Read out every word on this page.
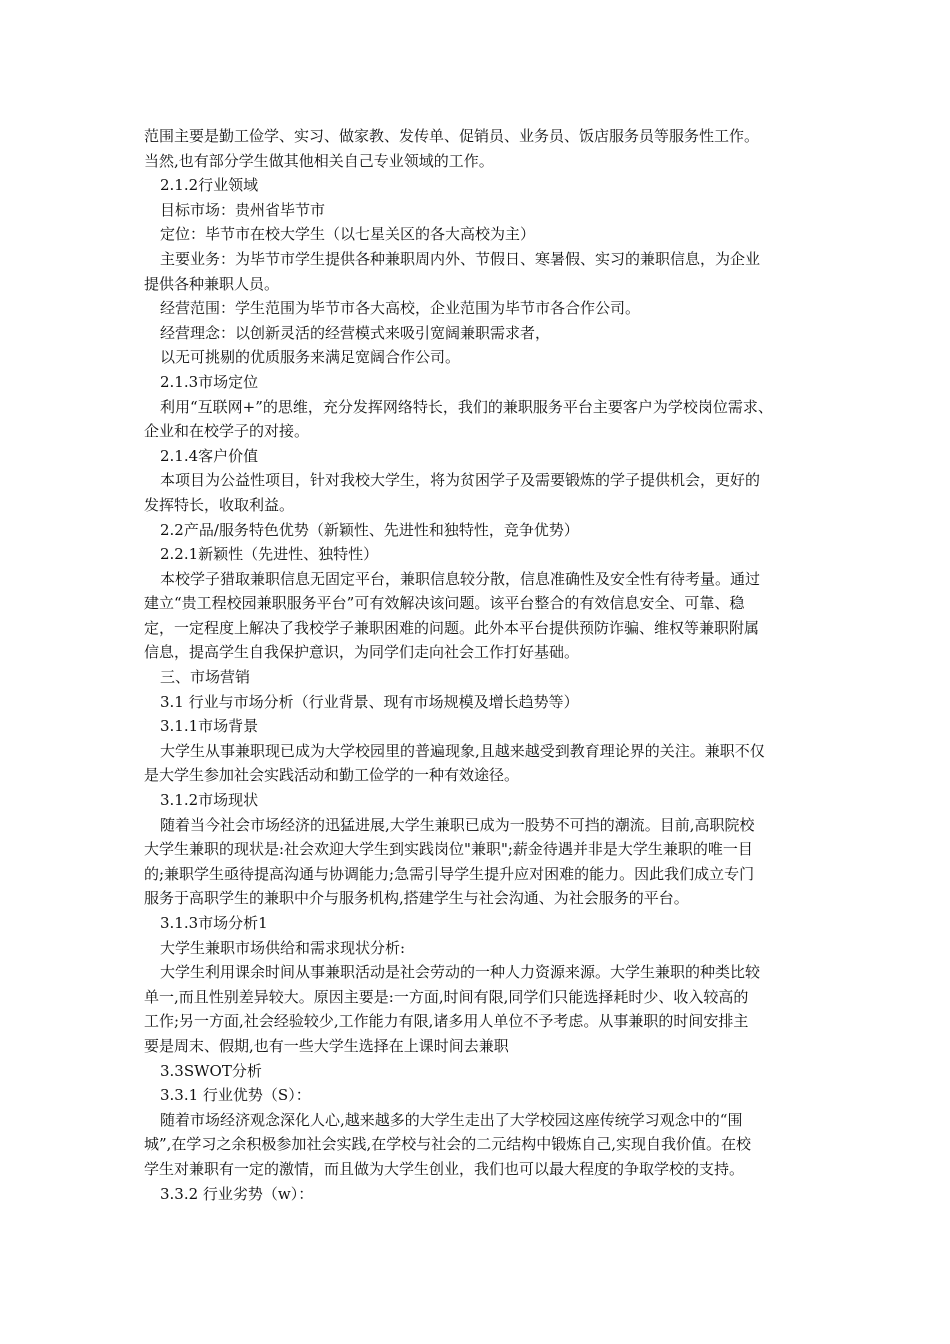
范围主要是勤工俭学、实习、做家教、发传单、促销员、业务员、饭店服务员等服务性工作。
当然,也有部分学生做其他相关自己专业领域的工作。
2.1.2行业领域
目标市场：贵州省毕节市
定位：毕节市在校大学生（以七星关区的各大高校为主）
主要业务：为毕节市学生提供各种兼职周内外、节假日、寒暑假、实习的兼职信息，为企业
提供各种兼职人员。
经营范围：学生范围为毕节市各大高校，企业范围为毕节市各合作公司。
经营理念：以创新灵活的经营模式来吸引宽阔兼职需求者，
以无可挑剔的优质服务来满足宽阔合作公司。
2.1.3市场定位
利用“互联网+”的思维，充分发挥网络特长，我们的兼职服务平台主要客户为学校岗位需求、
企业和在校学子的对接。
2.1.4客户价值
本项目为公益性项目，针对我校大学生，将为贫困学子及需要锻炼的学子提供机会，更好的
发挥特长，收取利益。
2.2产品/服务特色优势（新颖性、先进性和独特性，竞争优势）
2.2.1新颖性（先进性、独特性）
本校学子猎取兼职信息无固定平台，兼职信息较分散，信息准确性及安全性有待考量。通过
建立“贵工程校园兼职服务平台”可有效解决该问题。该平台整合的有效信息安全、可靠、稳
定，一定程度上解决了我校学子兼职困难的问题。此外本平台提供预防诈骗、维权等兼职附属
信息，提高学生自我保护意识，为同学们走向社会工作打好基础。
三、市场营销
3.1 行业与市场分析（行业背景、现有市场规模及增长趋势等）
3.1.1市场背景
大学生从事兼职现已成为大学校园里的普遍现象,且越来越受到教育理论界的关注。兼职不仅
是大学生参加社会实践活动和勤工俭学的一种有效途径。
3.1.2市场现状
随着当今社会市场经济的迅猛进展,大学生兼职已成为一股势不可挡的潮流。目前,高职院校
大学生兼职的现状是:社会欢迎大学生到实践岗位"兼职";薪金待遇并非是大学生兼职的唯一目
的;兼职学生亟待提高沟通与协调能力;急需引导学生提升应对困难的能力。因此我们成立专门
服务于高职学生的兼职中介与服务机构,搭建学生与社会沟通、为社会服务的平台。
3.1.3市场分析1
大学生兼职市场供给和需求现状分析:
大学生利用课余时间从事兼职活动是社会劳动的一种人力资源来源。大学生兼职的种类比较
单一,而且性别差异较大。原因主要是:一方面,时间有限,同学们只能选择耗时少、收入较高的
工作;另一方面,社会经验较少,工作能力有限,诸多用人单位不予考虑。从事兼职的时间安排主
要是周末、假期,也有一些大学生选择在上课时间去兼职
3.3SWOT分析
3.3.1 行业优势（S）：
随着市场经济观念深化人心,越来越多的大学生走出了大学校园这座传统学习观念中的“围
城”,在学习之余积极参加社会实践,在学校与社会的二元结构中锻炼自己,实现自我价值。在校
学生对兼职有一定的激情，而且做为大学生创业，我们也可以最大程度的争取学校的支持。
3.3.2 行业劣势（w）：
